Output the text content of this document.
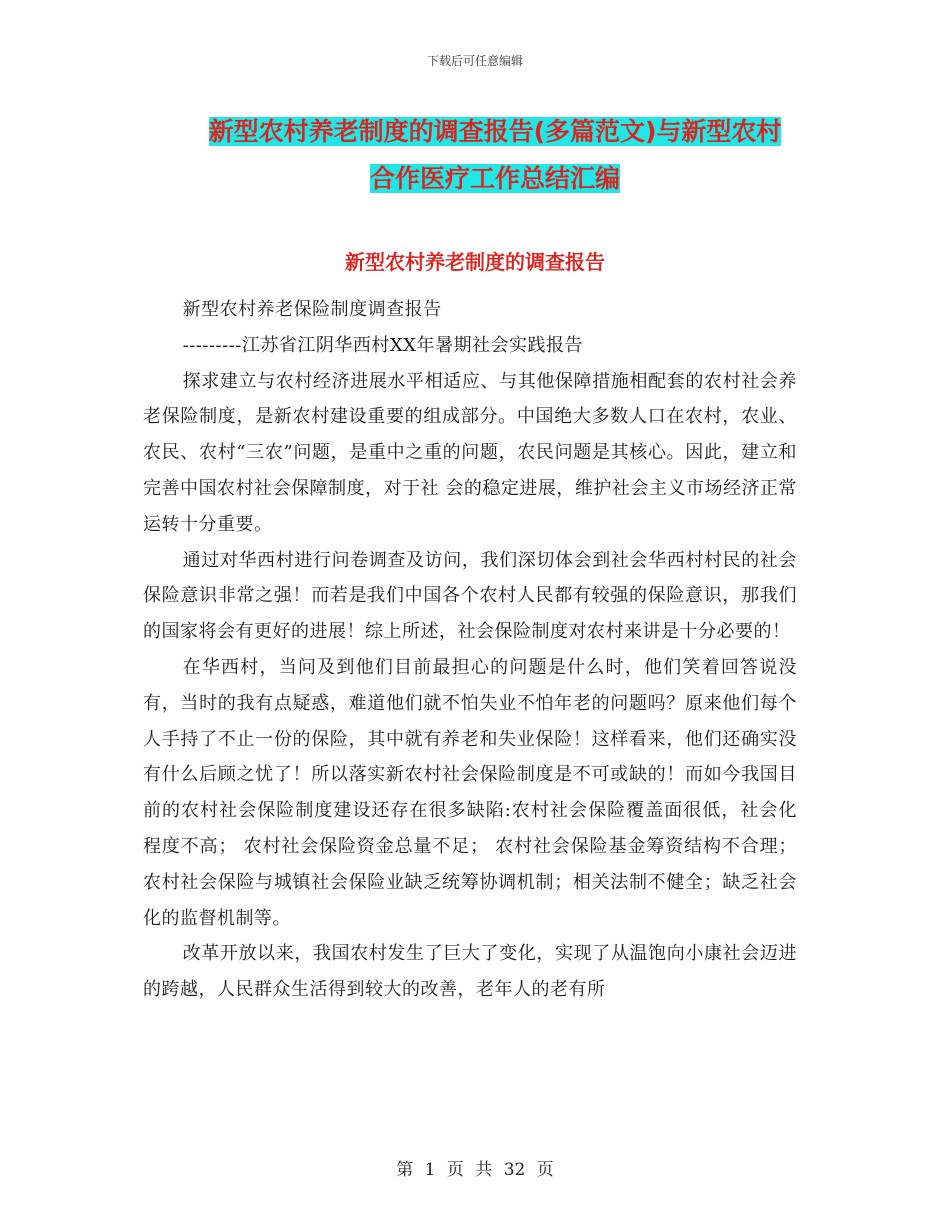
下载后可任意编辑
新型农村养老制度的调查报告(多篇范文)与新型农村
合作医疗工作总结汇编
新型农村养老制度的调查报告

新型农村养老保险制度调查报告

---------江苏省江阴华西村XX年暑期社会实践报告

探求建立与农村经济进展水平相适应、与其他保障措施相配套的农村社会养老保险制度，是新农村建设重要的组成部分。中国绝大多数人口在农村，农业、农民、农村“三农”问题，是重中之重的问题，农民问题是其核心。因此，建立和完善中国农村社会保障制度，对于社 会的稳定进展，维护社会主义市场经济正常运转十分重要。

通过对华西村进行问卷调查及访问，我们深切体会到社会华西村村民的社会保险意识非常之强！而若是我们中国各个农村人民都有较强的保险意识，那我们的国家将会有更好的进展！综上所述，社会保险制度对农村来讲是十分必要的！

在华西村，当问及到他们目前最担心的问题是什么时，他们笑着回答说没有，当时的我有点疑惑，难道他们就不怕失业不怕年老的问题吗？原来他们每个人手持了不止一份的保险，其中就有养老和失业保险！这样看来，他们还确实没有什么后顾之忧了！所以落实新农村社会保险制度是不可或缺的！而如今我国目前的农村社会保险制度建设还存在很多缺陷:农村社会保险覆盖面很低，社会化程度不高； 农村社会保险资金总量不足； 农村社会保险基金筹资结构不合理； 农村社会保险与城镇社会保险业缺乏统筹协调机制；相关法制不健全；缺乏社会化的监督机制等。

改革开放以来，我国农村发生了巨大了变化，实现了从温饱向小康社会迈进的跨越，人民群众生活得到较大的改善，老年人的老有所

第 1 页 共 32 页
